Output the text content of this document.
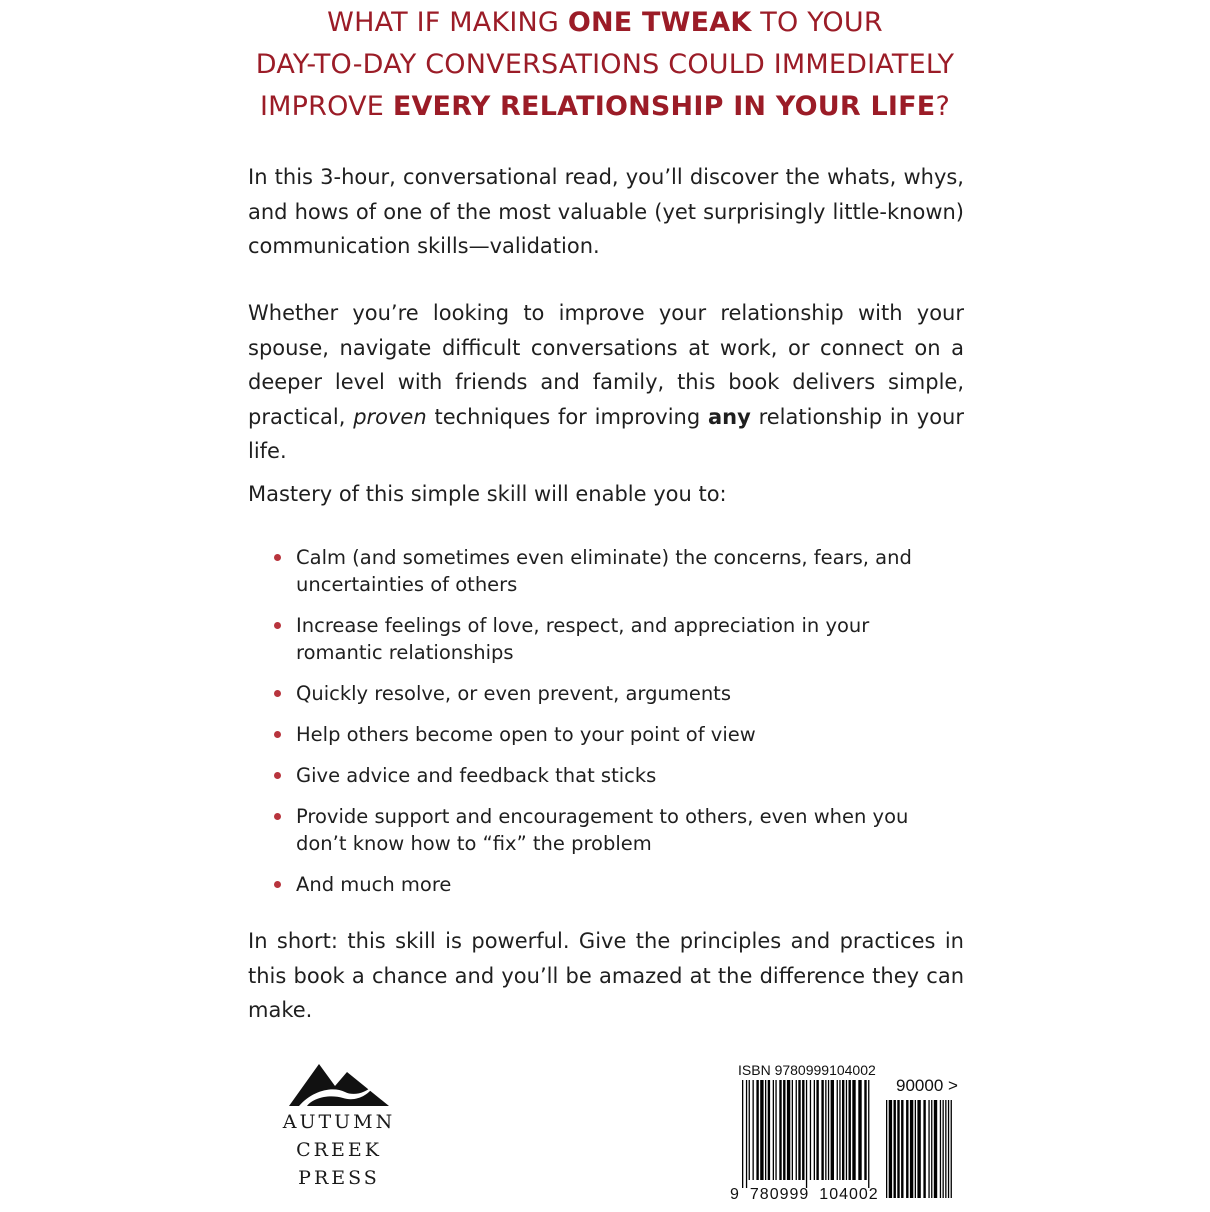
WHAT IF MAKING ONE TWEAK TO YOUR
DAY-TO-DAY CONVERSATIONS COULD IMMEDIATELY
IMPROVE EVERY RELATIONSHIP IN YOUR LIFE?

In this 3-hour, conversational read, you’ll discover the whats, whys, and hows of one of the most valuable (yet surprisingly little-known) communication skills—validation.

Whether you’re looking to improve your relationship with your spouse, navigate difficult conversations at work, or connect on a deeper level with friends and family, this book delivers simple, practical, proven techniques for improving any relationship in your life.

Mastery of this simple skill will enable you to:

Calm (and sometimes even eliminate) the concerns, fears, and uncertainties of others
Increase feelings of love, respect, and appreciation in your romantic relationships
Quickly resolve, or even prevent, arguments
Help others become open to your point of view
Give advice and feedback that sticks
Provide support and encouragement to others, even when you don’t know how to “fix” the problem
And much more

In short: this skill is powerful. Give the principles and practices in this book a chance and you’ll be amazed at the difference they can make.

AUTUMN
CREEK
PRESS
ISBN 9780999104002
90000 >
9 780999 104002
